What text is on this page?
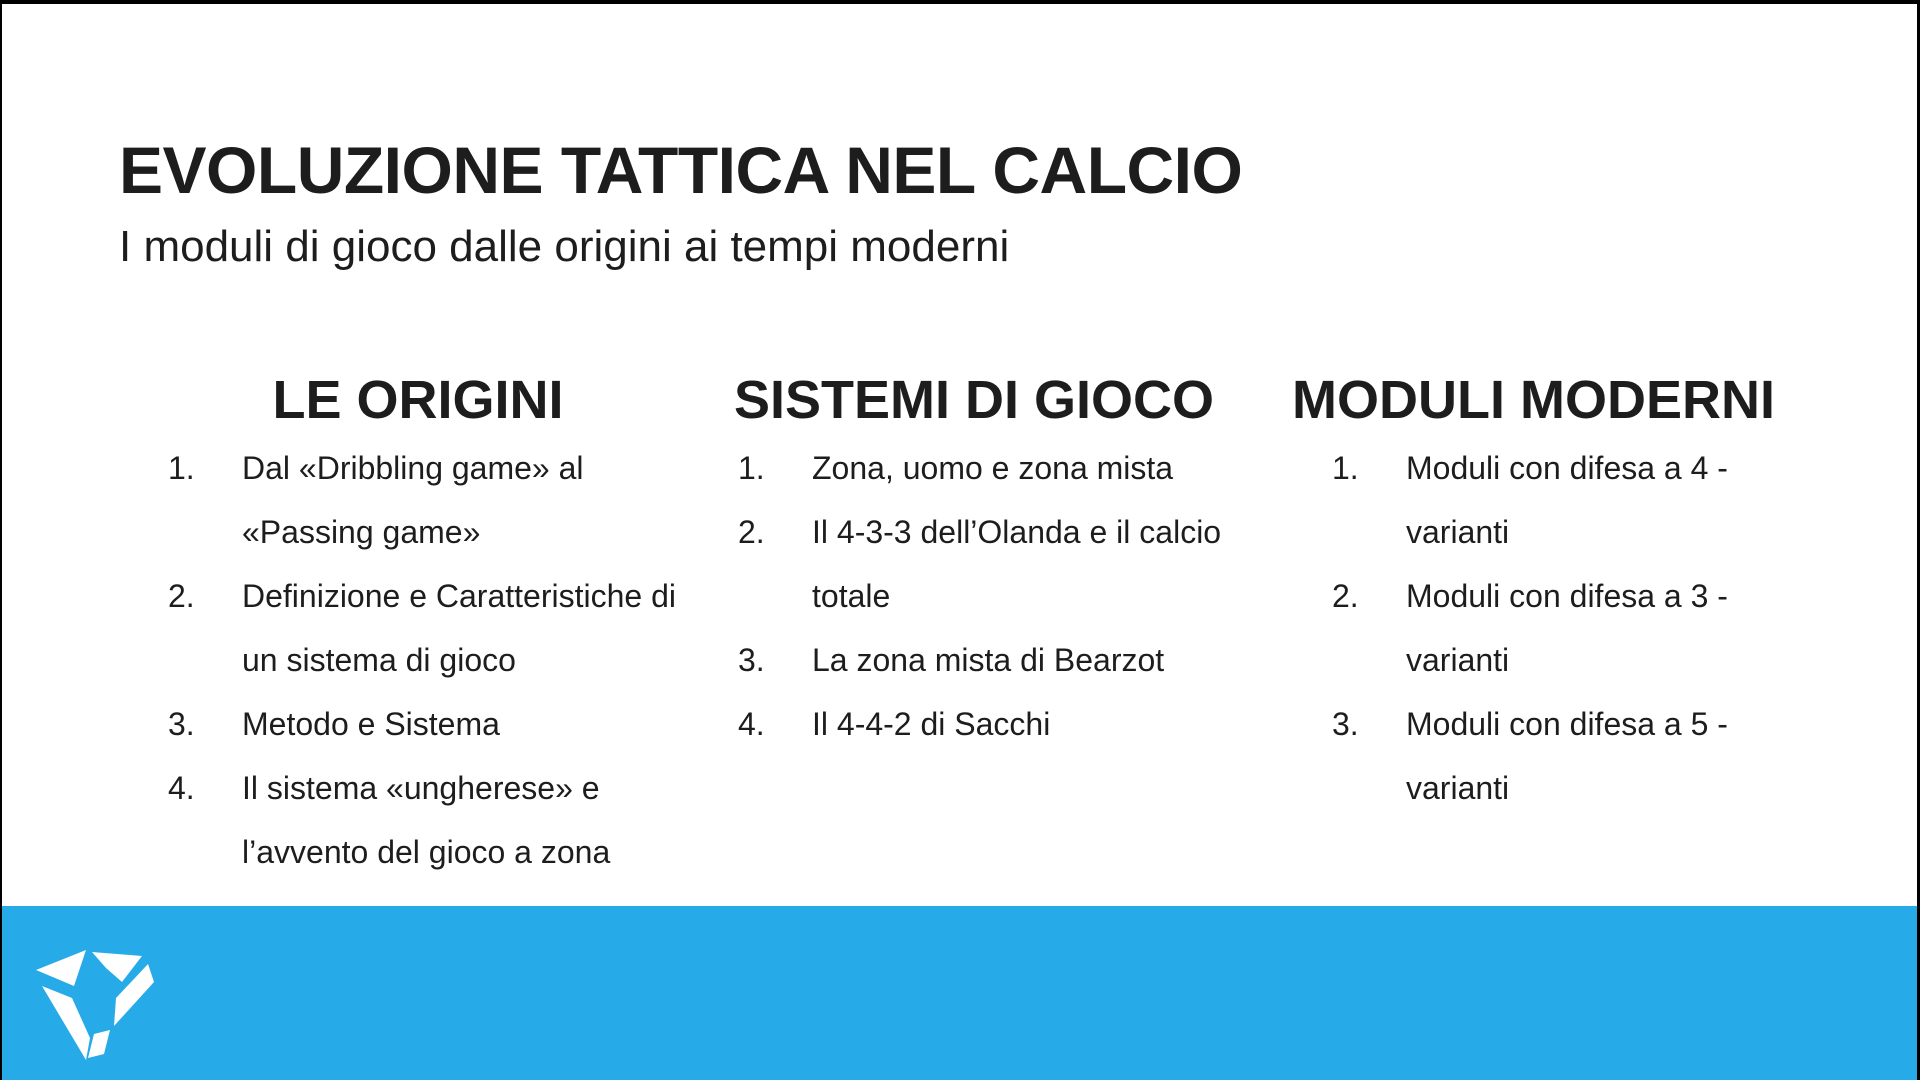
EVOLUZIONE TATTICA NEL CALCIO
I moduli di gioco dalle origini ai tempi moderni
LE ORIGINI
1. Dal «Dribbling game» al «Passing game»
2. Definizione e Caratteristiche di un sistema di gioco
3. Metodo e Sistema
4. Il sistema «ungherese» e l’avvento del gioco a zona
SISTEMI DI GIOCO
1. Zona, uomo e zona mista
2. Il 4-3-3 dell’Olanda e il calcio totale
3. La zona mista di Bearzot
4. Il 4-4-2 di Sacchi
MODULI MODERNI
1. Moduli con difesa a 4 - varianti
2. Moduli con difesa a 3 - varianti
3. Moduli con difesa a 5 - varianti
